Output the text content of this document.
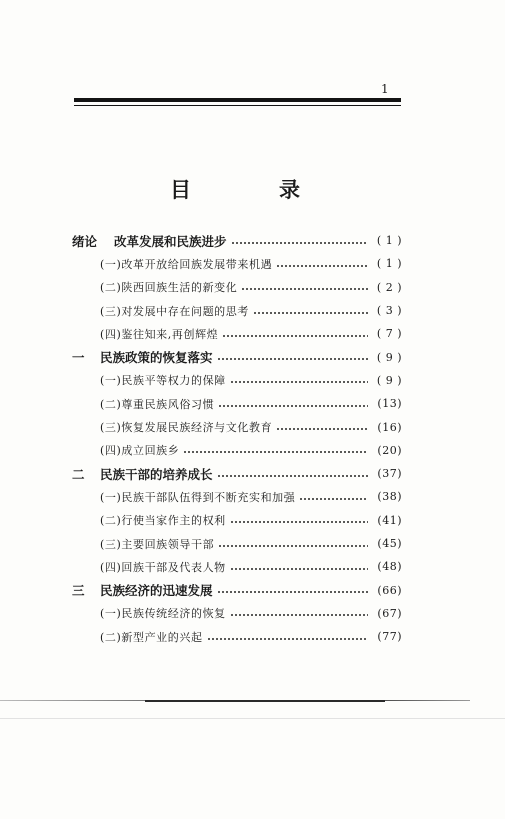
1
目	录
绪论	改革发展和民族进步	( 1 )
(一)改革开放给回族发展带来机遇	( 1 )
(二)陕西回族生活的新变化	( 2 )
(三)对发展中存在问题的思考	( 3 )
(四)鉴往知来,再创辉煌	( 7 )
一	民族政策的恢复落实	( 9 )
(一)民族平等权力的保障	( 9 )
(二)尊重民族风俗习惯	(13)
(三)恢复发展民族经济与文化教育	(16)
(四)成立回族乡	(20)
二	民族干部的培养成长	(37)
(一)民族干部队伍得到不断充实和加强	(38)
(二)行使当家作主的权利	(41)
(三)主要回族领导干部	(45)
(四)回族干部及代表人物	(48)
三	民族经济的迅速发展	(66)
(一)民族传统经济的恢复	(67)
(二)新型产业的兴起	(77)
